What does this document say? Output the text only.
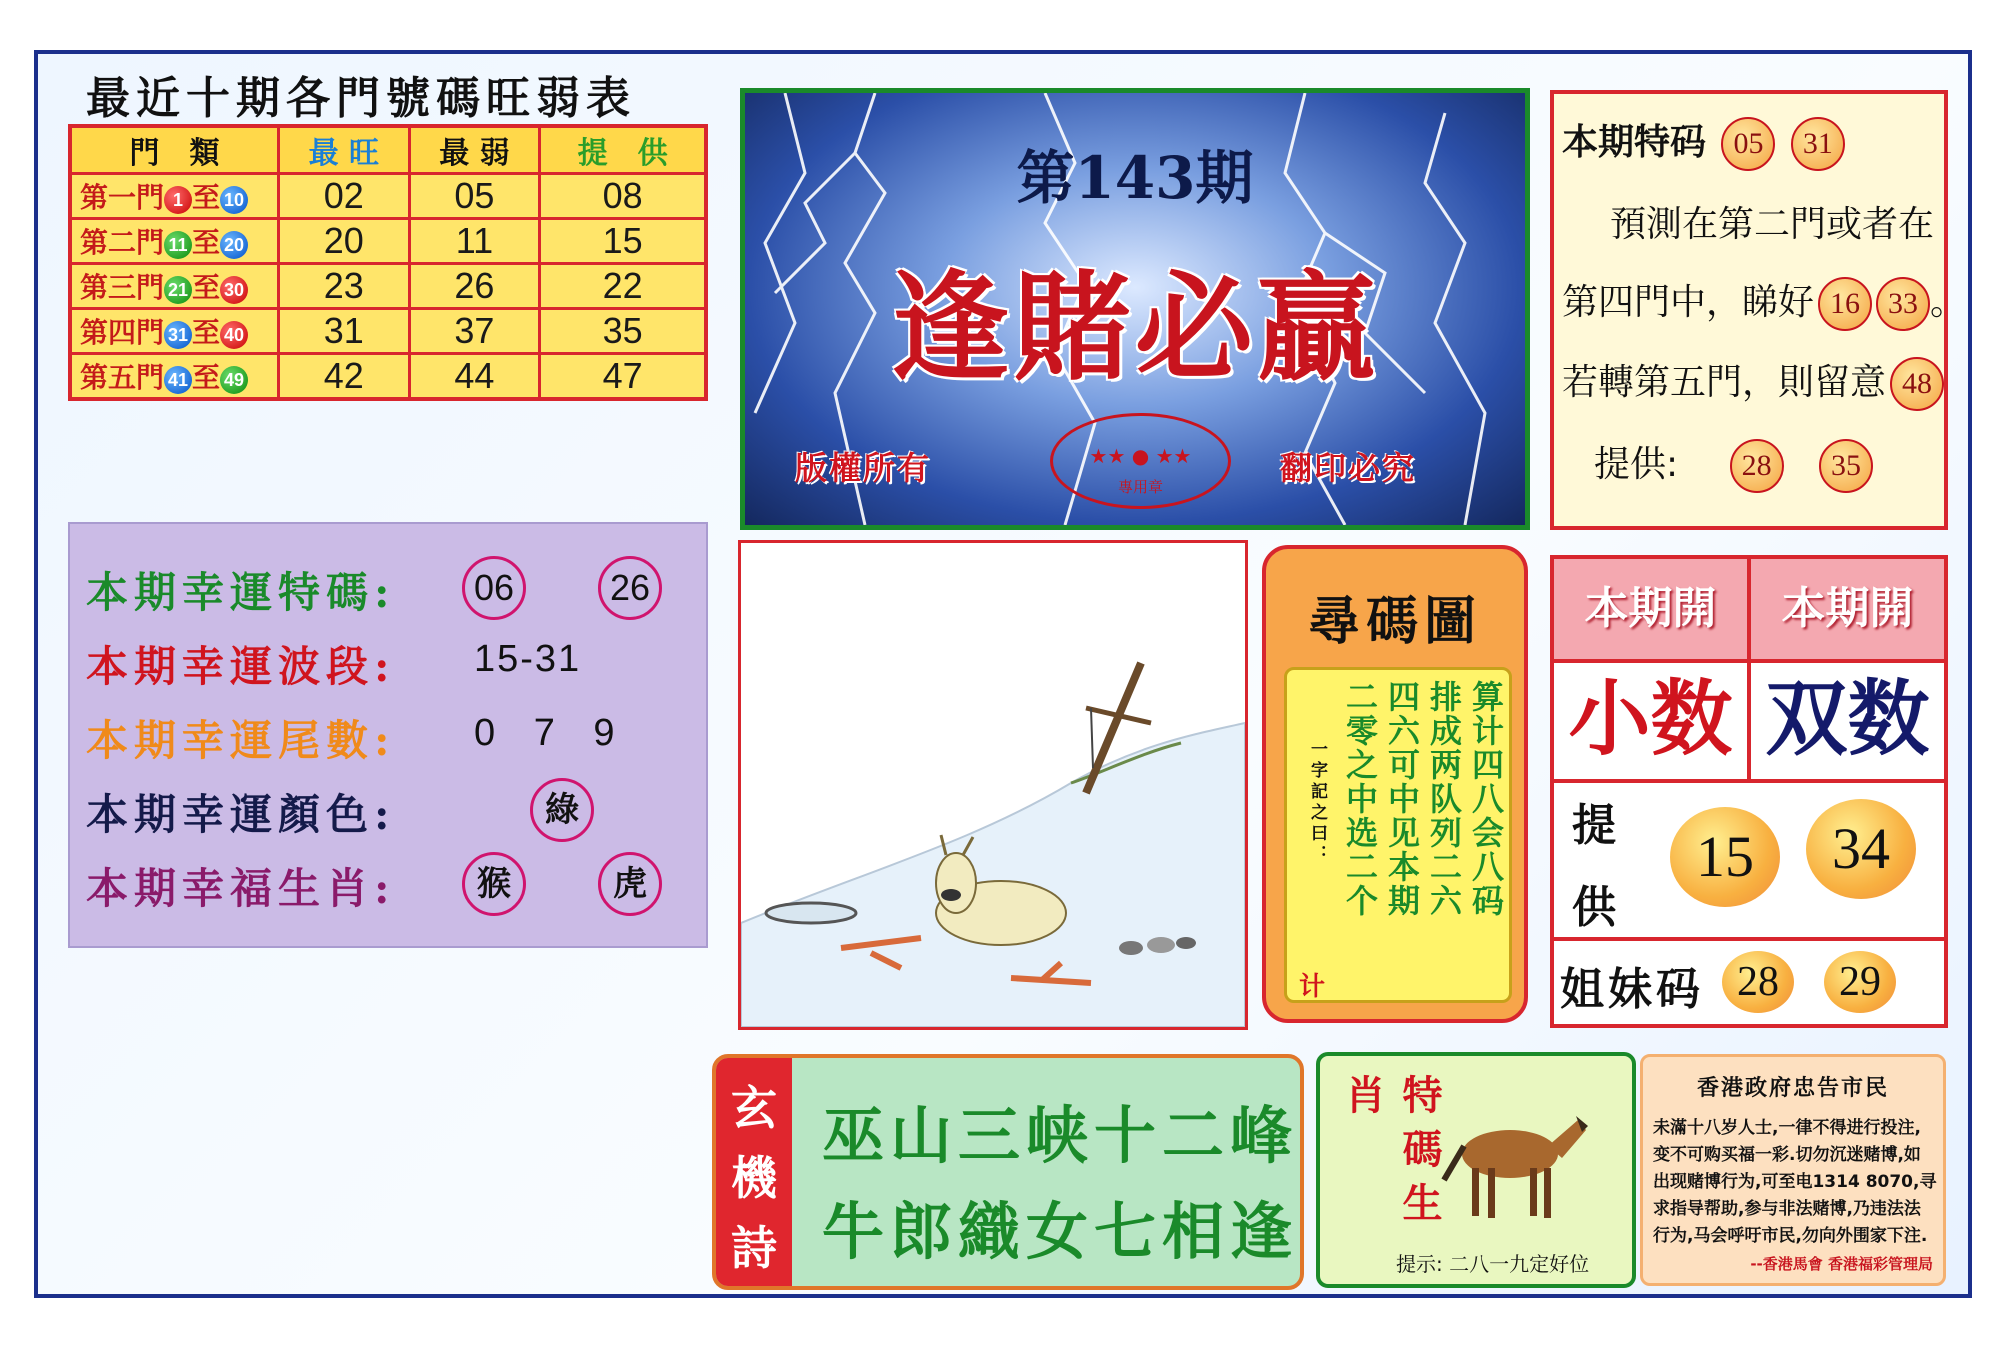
最近十期各門號碼旺弱表
門　類	最 旺	最 弱	提　供
第一門 1 至 10	02	05	08
第二門 11 至 20	20	11	15
第三門 21 至 30	23	26	22
第四門 31 至 40	31	37	35
第五門 41 至 49	42	44	47
第143期
逢賭必贏
版權所有	翻印必究
★★ ● ★★
專用章
本期特码 05 31
預測在第二門或者在
第四門中，睇好 16 33 。
若轉第五門，則留意 48
提供: 28 35
本期幸運特碼:	06	26
本期幸運波段: 15-31
本期幸運尾數: 0 7 9
本期幸運顏色:	綠
本期幸福生肖:	猴	虎
尋碼圖
算计四八会八码
排成两队列二六
四六可中见本期
二零之中选二个
一字記之曰：
计
本期開	本期開
小数 双数
提
供
15	34
姐妹码 28	29
玄
機
詩
巫山三峡十二峰
牛郎織女七相逢	特碼生肖
提示: 二八一九定好位
香港政府忠告市民
未滿十八岁人士,一律不得进行投注,变不可购买福一彩.切勿沉迷赌博,如出现赌博行为,可至电1314 8070,寻求指导帮助,参与非法赌博,乃违法法行为,马会呼吁市民,勿向外围家下注.
--香港馬會 香港福彩管理局
